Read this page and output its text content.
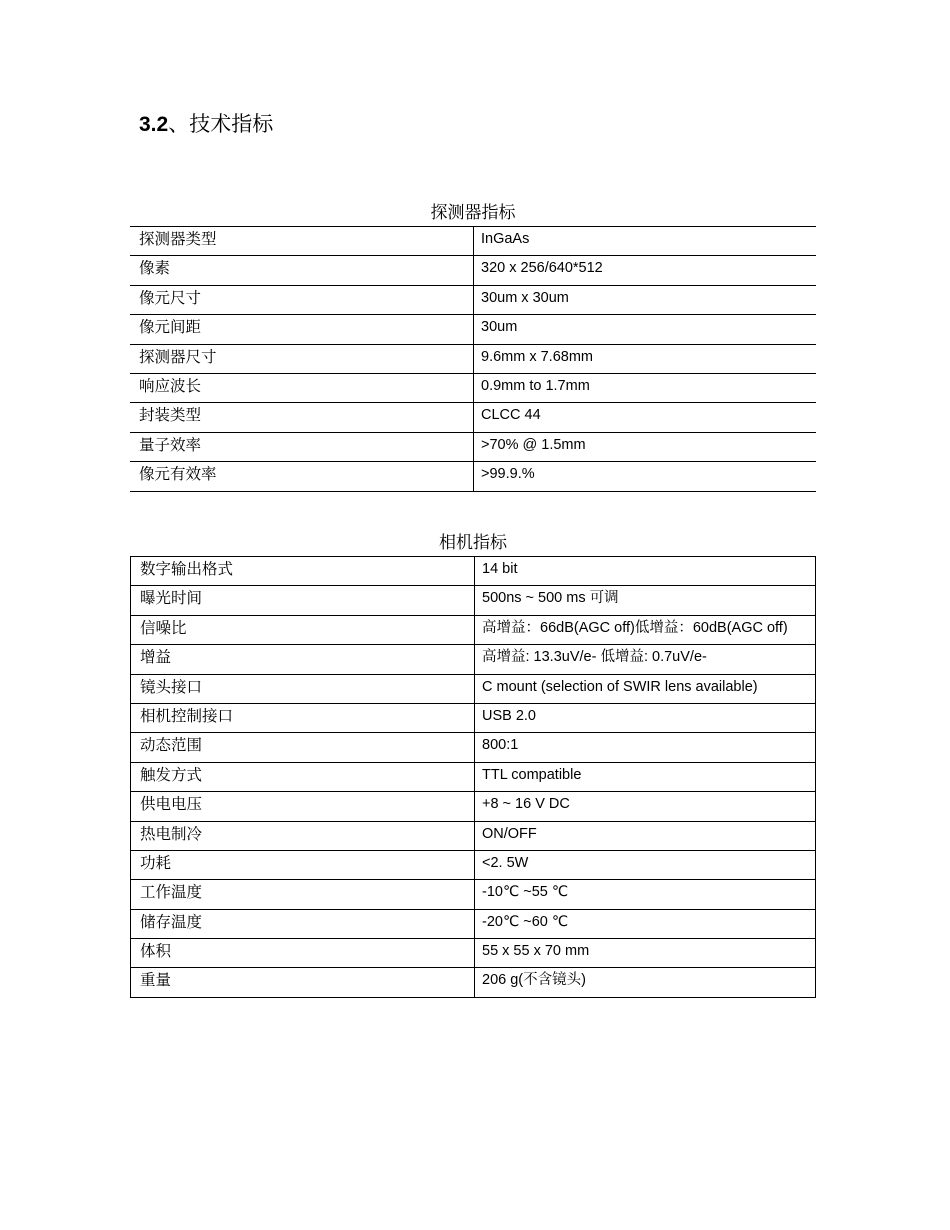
3.2、技术指标
探测器指标
探测器类型	InGaAs
像素	320 x 256/640*512
像元尺寸	30um x 30um
像元间距	30um
探测器尺寸	9.6mm x 7.68mm
响应波长	0.9mm to 1.7mm
封装类型	CLCC 44
量子效率	>70% @ 1.5mm
像元有效率	>99.9.%
相机指标
数字输出格式	14 bit
曝光时间	500ns ~ 500 ms 可调
信噪比	高增益：66dB(AGC off)低增益：60dB(AGC off)
增益	高增益: 13.3uV/e- 低增益: 0.7uV/e-
镜头接口	C mount (selection of SWIR lens available)
相机控制接口	USB 2.0
动态范围	800:1
触发方式	TTL compatible
供电电压	+8 ~ 16 V DC
热电制冷	ON/OFF
功耗	<2. 5W
工作温度	-10℃ ~55 ℃
储存温度	-20℃ ~60 ℃
体积	55 x 55 x 70 mm
重量	206 g(不含镜头)
